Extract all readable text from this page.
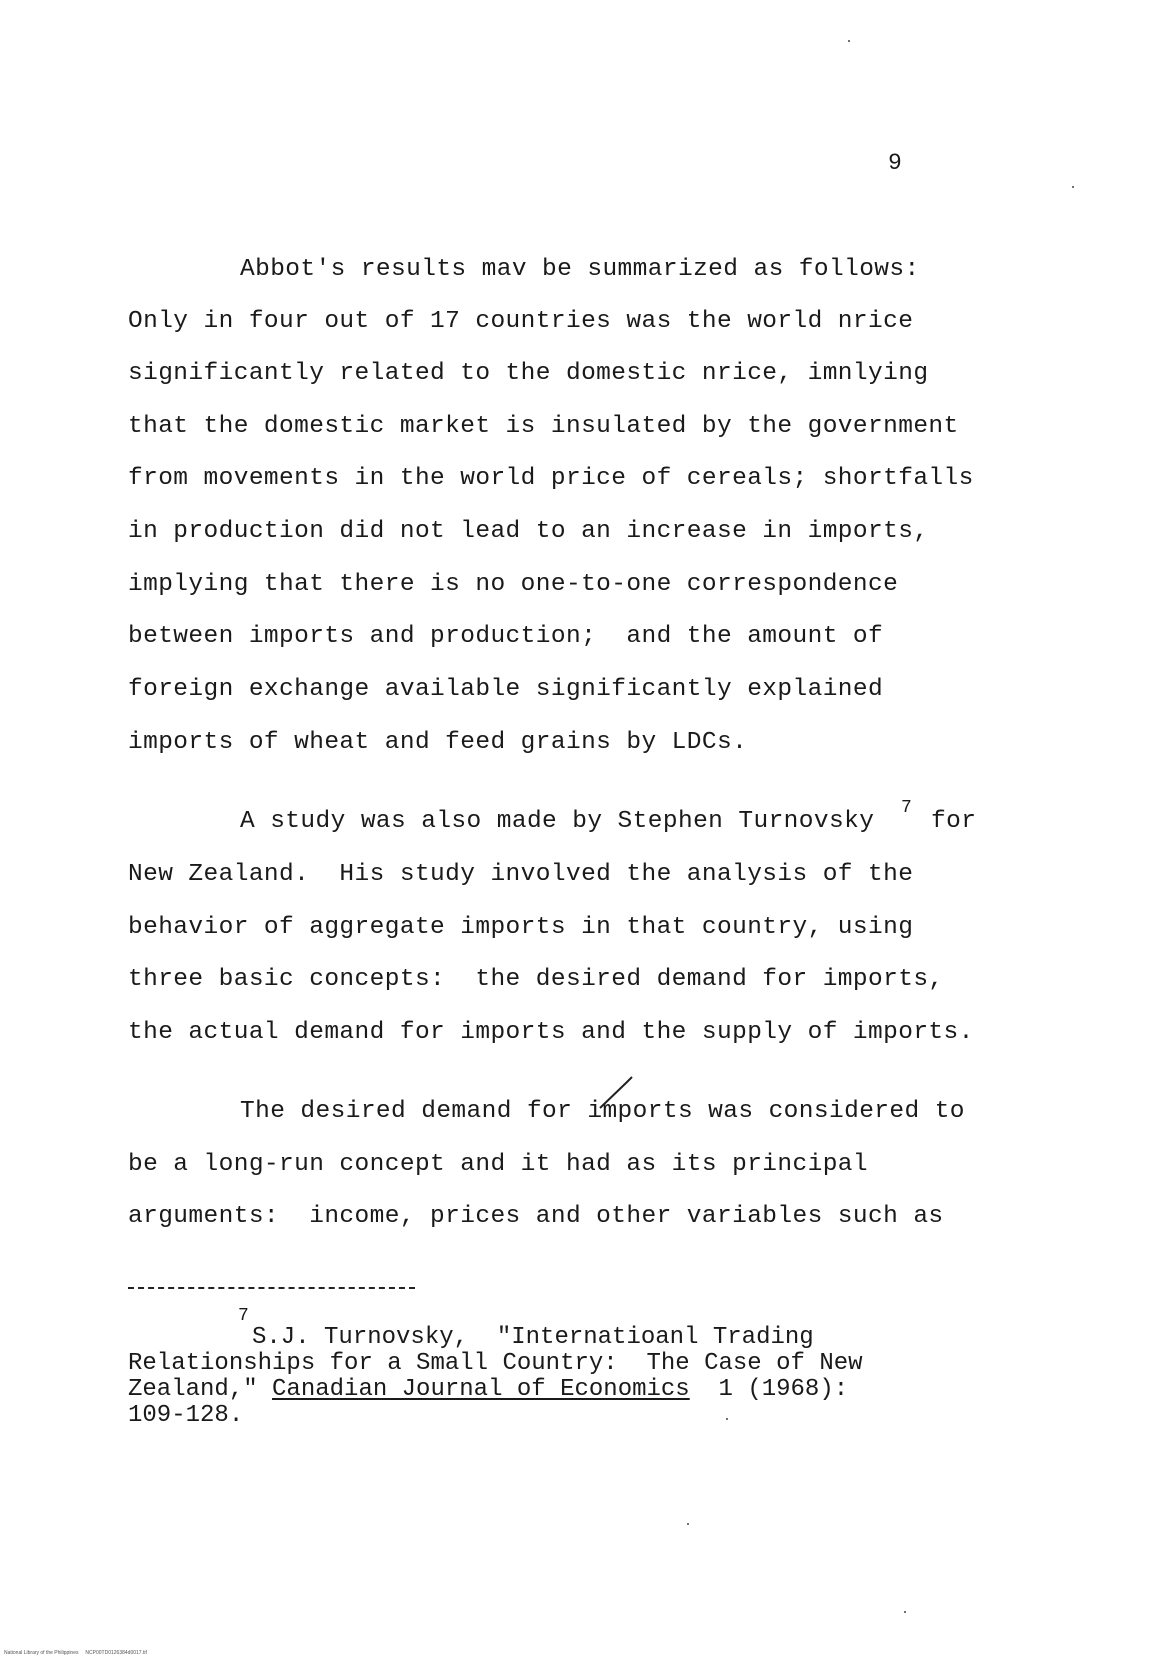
9
Abbot's results mav be summarized as follows:
Only in four out of 17 countries was the world nrice
significantly related to the domestic nrice, imnlying
that the domestic market is insulated by the government
from movements in the world price of cereals; shortfalls
in production did not lead to an increase in imports,
implying that there is no one-to-one correspondence
between imports and production;  and the amount of
foreign exchange available significantly explained
imports of wheat and feed grains by LDCs.
A study was also made by Stephen Turnovsky 7 for
New Zealand.  His study involved the analysis of the
behavior of aggregate imports in that country, using
three basic concepts:  the desired demand for imports,
the actual demand for imports and the supply of imports.
The desired demand for imports was considered to
be a long-run concept and it had as its principal
arguments:  income, prices and other variables such as
7
S.J. Turnovsky,  "Internatioanl Trading
Relationships for a Small Country:  The Case of New
Zealand," Canadian Journal of Economics  1 (1968):
109-128.
National Library of the Philippines     NCP00TD0126384d0017.tif
